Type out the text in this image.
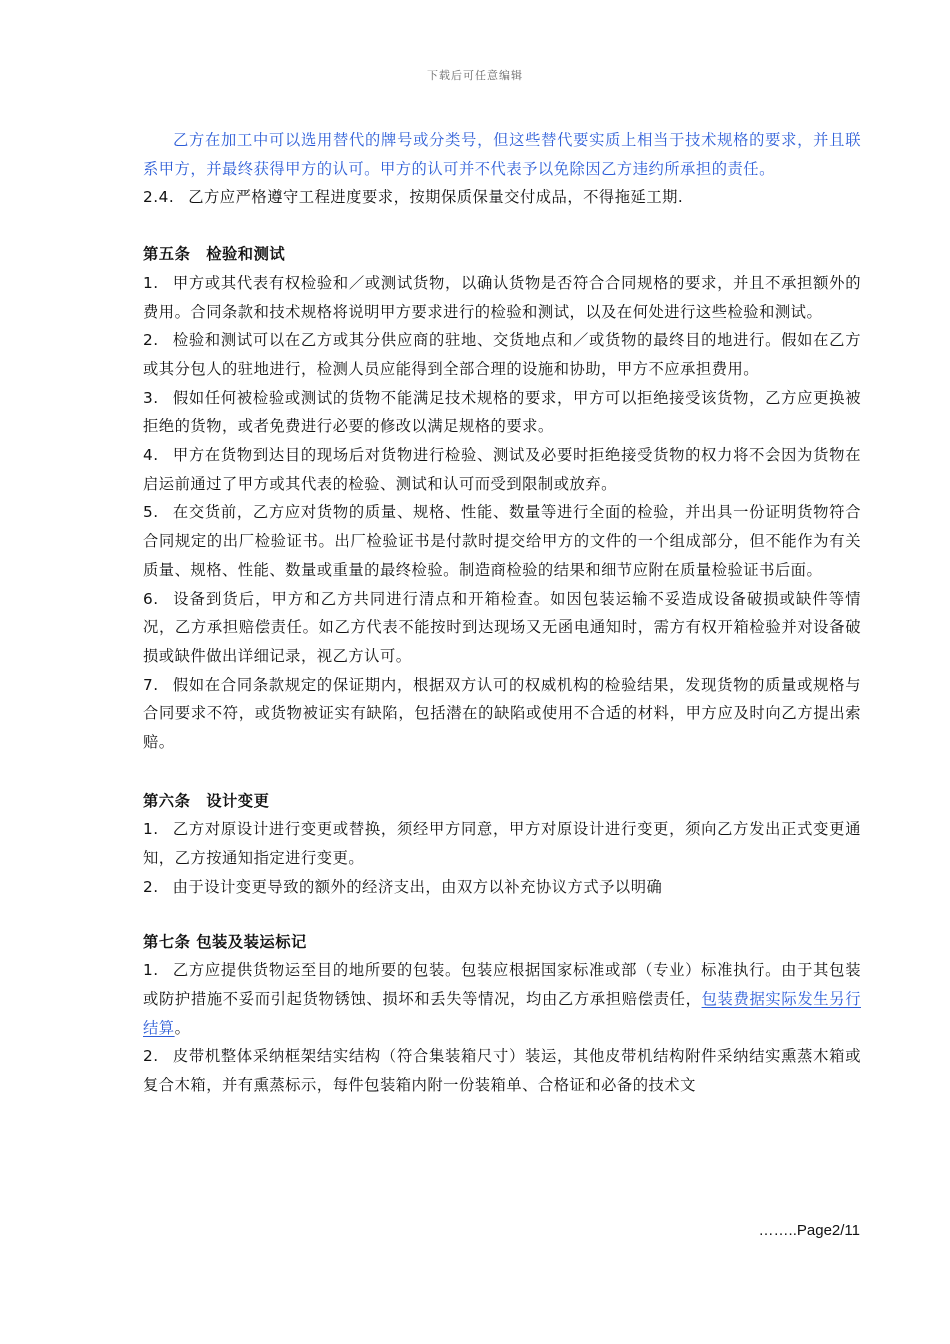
下载后可任意编辑

乙方在加工中可以选用替代的牌号或分类号，但这些替代要实质上相当于技术规格的要求，并且联系甲方，并最终获得甲方的认可。甲方的认可并不代表予以免除因乙方违约所承担的责任。

2.4. 乙方应严格遵守工程进度要求，按期保质保量交付成品，不得拖延工期.

第五条　检验和测试

1. 甲方或其代表有权检验和／或测试货物，以确认货物是否符合合同规格的要求，并且不承担额外的费用。合同条款和技术规格将说明甲方要求进行的检验和测试，以及在何处进行这些检验和测试。

2. 检验和测试可以在乙方或其分供应商的驻地、交货地点和／或货物的最终目的地进行。假如在乙方或其分包人的驻地进行，检测人员应能得到全部合理的设施和协助，甲方不应承担费用。

3. 假如任何被检验或测试的货物不能满足技术规格的要求，甲方可以拒绝接受该货物，乙方应更换被拒绝的货物，或者免费进行必要的修改以满足规格的要求。

4. 甲方在货物到达目的现场后对货物进行检验、测试及必要时拒绝接受货物的权力将不会因为货物在启运前通过了甲方或其代表的检验、测试和认可而受到限制或放弃。

5. 在交货前，乙方应对货物的质量、规格、性能、数量等进行全面的检验，并出具一份证明货物符合合同规定的出厂检验证书。出厂检验证书是付款时提交给甲方的文件的一个组成部分，但不能作为有关质量、规格、性能、数量或重量的最终检验。制造商检验的结果和细节应附在质量检验证书后面。

6. 设备到货后，甲方和乙方共同进行清点和开箱检查。如因包装运输不妥造成设备破损或缺件等情况，乙方承担赔偿责任。如乙方代表不能按时到达现场又无函电通知时，需方有权开箱检验并对设备破损或缺件做出详细记录，视乙方认可。

7. 假如在合同条款规定的保证期内，根据双方认可的权威机构的检验结果，发现货物的质量或规格与合同要求不符，或货物被证实有缺陷，包括潜在的缺陷或使用不合适的材料，甲方应及时向乙方提出索赔。

第六条　设计变更

1. 乙方对原设计进行变更或替换，须经甲方同意，甲方对原设计进行变更，须向乙方发出正式变更通知，乙方按通知指定进行变更。

2. 由于设计变更导致的额外的经济支出，由双方以补充协议方式予以明确

第七条 包装及装运标记

1. 乙方应提供货物运至目的地所要的包装。包装应根据国家标准或部（专业）标准执行。由于其包装或防护措施不妥而引起货物锈蚀、损坏和丢失等情况，均由乙方承担赔偿责任，包装费据实际发生另行结算。

2. 皮带机整体采纳框架结实结构（符合集装箱尺寸）装运，其他皮带机结构附件采纳结实熏蒸木箱或复合木箱，并有熏蒸标示，每件包装箱内附一份装箱单、合格证和必备的技术文

……..Page2/11
